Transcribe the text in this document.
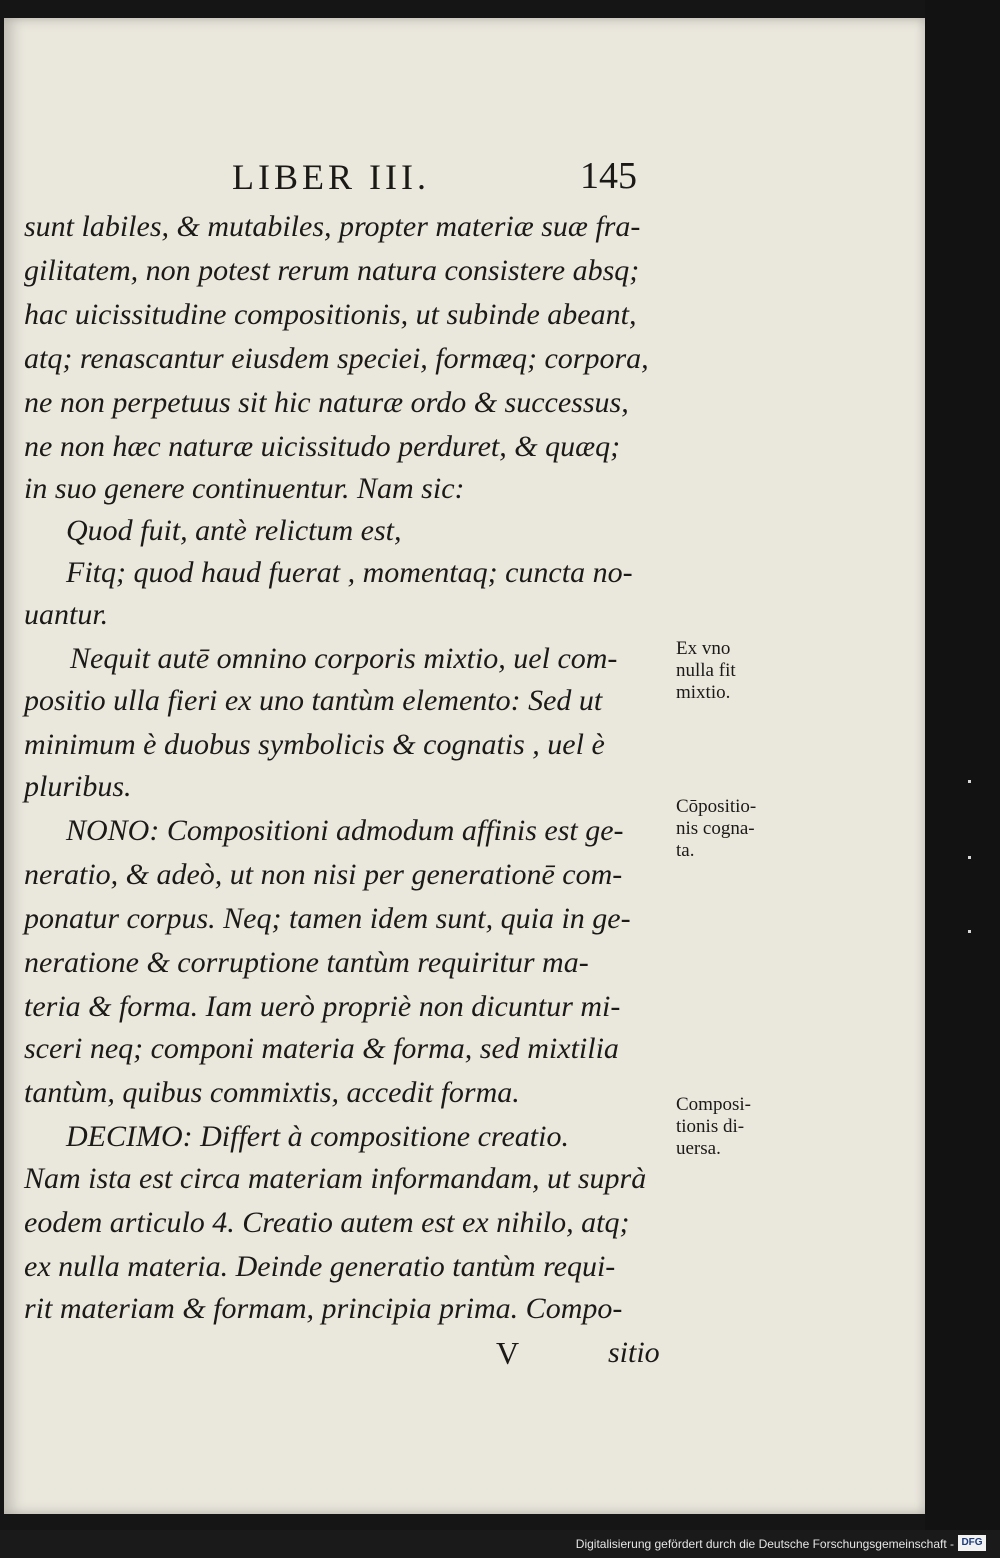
LIBER III.	145
sunt labiles, & mutabiles, propter materiæ suæ fra-
gilitatem, non potest rerum natura consistere absq;
hac uicissitudine compositionis, ut subinde abeant,
atq; renascantur eiusdem speciei, formæq; corpora,
ne non perpetuus sit hic naturæ ordo & successus,
ne non hæc naturæ uicissitudo perduret, & quæq;
in suo genere continuentur. Nam sic:
Quod fuit, antè relictum est,
Fitq; quod haud fuerat , momentaq; cuncta no-
uantur.
Nequit autē omnino corporis mixtio, uel com-
positio ulla fieri ex uno tantùm elemento: Sed ut
minimum è duobus symbolicis & cognatis , uel è
pluribus.
NONO: Compositioni admodum affinis est ge-
neratio, & adeò, ut non nisi per generationē com-
ponatur corpus. Neq; tamen idem sunt, quia in ge-
neratione & corruptione tantùm requiritur ma-
teria & forma. Iam uerò propriè non dicuntur mi-
sceri neq; componi materia & forma, sed mixtilia
tantùm, quibus commixtis, accedit forma.
DECIMO: Differt à compositione creatio.
Nam ista est circa materiam informandam, ut suprà
eodem articulo 4. Creatio autem est ex nihilo, atq;
ex nulla materia. Deinde generatio tantùm requi-
rit materiam & formam, principia prima. Compo-
V	sitio
Ex vno
nulla fit
mixtio.
Cōpositio-
nis cogna-
ta.
Composi-
tionis di-
uersa.
Digitalisierung gefördert durch die Deutsche Forschungsgemeinschaft - DFG
